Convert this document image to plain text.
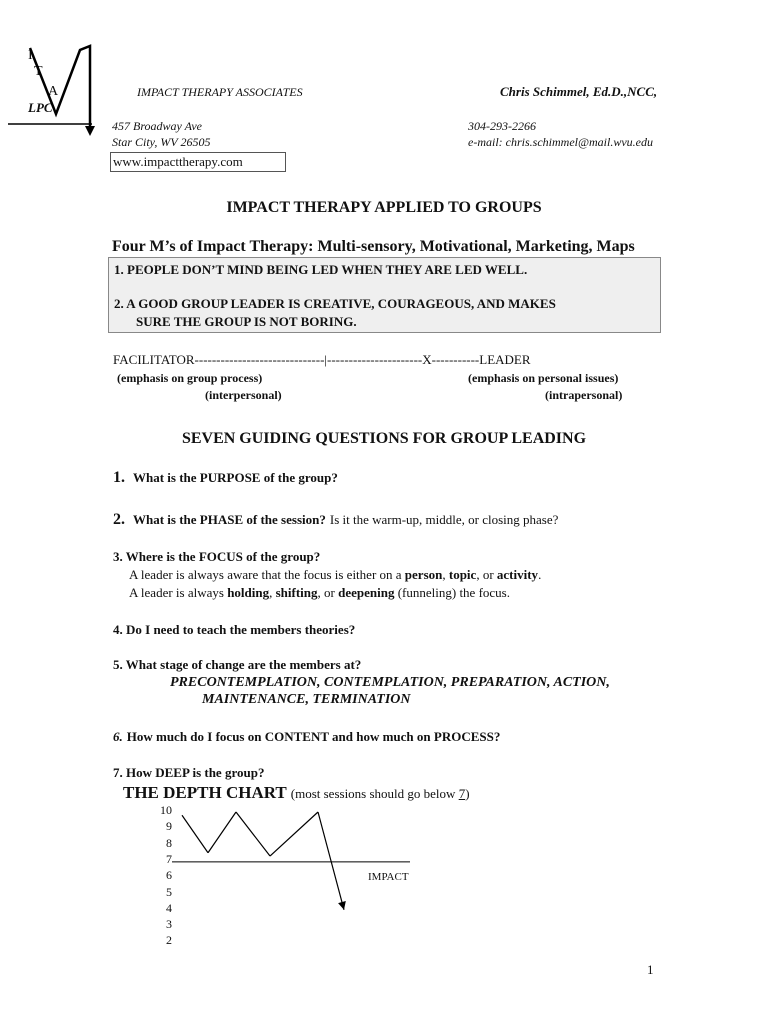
I
T
A
LPC
IMPACT THERAPY ASSOCIATES	Chris Schimmel, Ed.D.,NCC,
457 Broadway Ave
Star City, WV 26505
www.impacttherapy.com
304-293-2266
e-mail: chris.schimmel@mail.wvu.edu
IMPACT THERAPY APPLIED TO GROUPS
Four M’s of Impact Therapy: Multi-sensory, Motivational, Marketing, Maps
1. PEOPLE DON’T MIND BEING LED WHEN THEY ARE LED WELL.
2. A GOOD GROUP LEADER IS CREATIVE, COURAGEOUS, AND MAKES
SURE THE GROUP IS NOT BORING.
FACILITATOR------------------------------|----------------------X-----------LEADER
(emphasis on group process)
(interpersonal)
(emphasis on personal issues)
(intrapersonal)
SEVEN GUIDING QUESTIONS FOR GROUP LEADING
1. What is the PURPOSE of the group?
2. What is the PHASE of the session? Is it the warm-up, middle, or closing phase?
3. Where is the FOCUS of the group?
A leader is always aware that the focus is either on a person, topic, or activity.
A leader is always holding, shifting, or deepening (funneling) the focus.
4. Do I need to teach the members theories?
5. What stage of change are the members at?
PRECONTEMPLATION, CONTEMPLATION, PREPARATION, ACTION,
MAINTENANCE, TERMINATION
6. How much do I focus on CONTENT and how much on PROCESS?
7. How DEEP is the group?
THE DEPTH CHART (most sessions should go below 7)
10
9
8
7
6
5
4
3
2
IMPACT
1
